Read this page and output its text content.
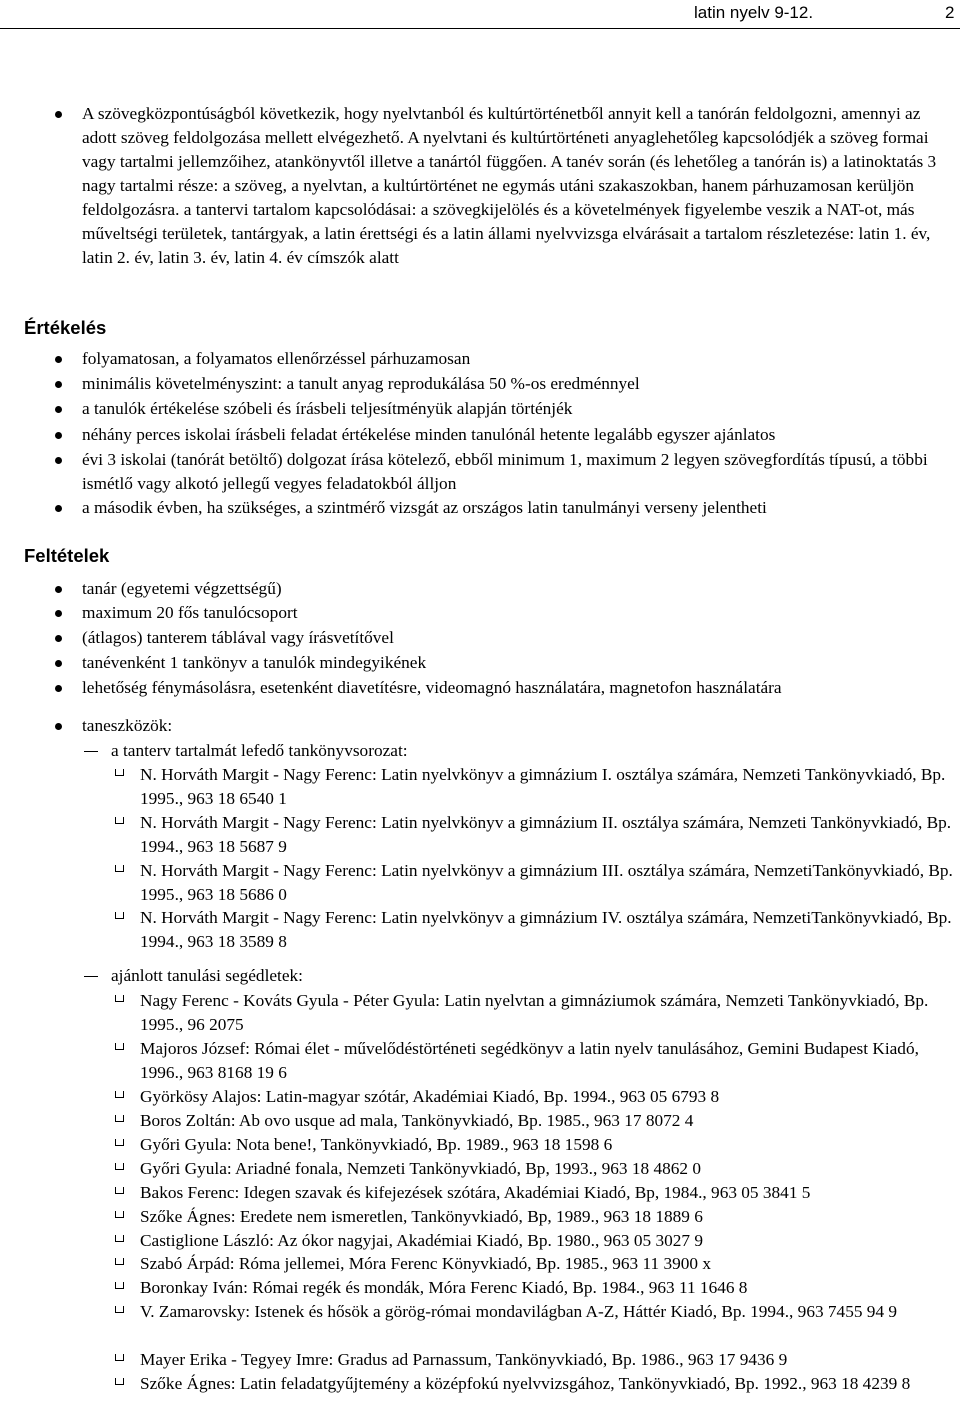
latin nyelv 9-12.	2

A szövegközpontúságból következik, hogy nyelvtanból és kultúrtörténetből annyit kell a tanórán feldolgozni, amennyi az adott szöveg feldolgozása mellett elvégezhető. A nyelvtani és kultúrtörténeti anyaglehetőleg kapcsolódjék a szöveg formai vagy tartalmi jellemzőihez, atankönyvtől illetve a tanártól függően. A tanév során (és lehetőleg a tanórán is) a latinoktatás 3 nagy tartalmi része: a szöveg, a nyelvtan, a kultúrtörténet ne egymás utáni szakaszokban, hanem párhuzamosan kerüljön feldolgozásra. a tantervi tartalom kapcsolódásai: a szövegkijelölés és a követelmények figyelembe veszik a NAT-ot, más műveltségi területek, tantárgyak, a latin érettségi és a latin állami nyelvvizsga elvárásait a tartalom részletezése: latin 1. év, latin 2. év, latin 3. év, latin 4. év címszók alatt

Értékelés

folyamatosan, a folyamatos ellenőrzéssel párhuzamosan

minimális követelményszint: a tanult anyag reprodukálása 50 %-os eredménnyel

a tanulók értékelése szóbeli és írásbeli teljesítményük alapján történjék

néhány perces iskolai írásbeli feladat értékelése minden tanulónál hetente legalább egyszer ajánlatos

évi 3 iskolai (tanórát betöltő) dolgozat írása kötelező, ebből minimum 1, maximum 2 legyen szövegfordítás típusú, a többi ismétlő vagy alkotó jellegű vegyes feladatokból álljon

a második évben, ha szükséges, a szintmérő vizsgát az országos latin tanulmányi verseny jelentheti

Feltételek

tanár (egyetemi végzettségű)

maximum 20 fős tanulócsoport

(átlagos) tanterem táblával vagy írásvetítővel

tanévenként 1 tankönyv a tanulók mindegyikének

lehetőség fénymásolásra, esetenként diavetítésre, videomagnó használatára, magnetofon használatára

taneszközök:

a tanterv tartalmát lefedő tankönyvsorozat:

N. Horváth Margit - Nagy Ferenc: Latin nyelvkönyv a gimnázium I. osztálya számára, Nemzeti Tankönyvkiadó, Bp. 1995., 963 18 6540 1

N. Horváth Margit - Nagy Ferenc: Latin nyelvkönyv a gimnázium II. osztálya számára, Nemzeti Tankönyvkiadó, Bp. 1994., 963 18 5687 9

N. Horváth Margit - Nagy Ferenc: Latin nyelvkönyv a gimnázium III. osztálya számára, NemzetiTankönyvkiadó, Bp. 1995., 963 18 5686 0

N. Horváth Margit - Nagy Ferenc: Latin nyelvkönyv a gimnázium IV. osztálya számára, NemzetiTankönyvkiadó, Bp. 1994., 963 18 3589 8

ajánlott tanulási segédletek:

Nagy Ferenc - Kováts Gyula - Péter Gyula: Latin nyelvtan a gimnáziumok számára, Nemzeti Tankönyvkiadó, Bp. 1995., 96 2075

Majoros József: Római élet - művelődéstörténeti segédkönyv a latin nyelv tanulásához, Gemini Budapest Kiadó, 1996., 963 8168 19 6

Györkösy Alajos: Latin-magyar szótár, Akadémiai Kiadó, Bp. 1994., 963 05 6793 8

Boros Zoltán: Ab ovo usque ad mala, Tankönyvkiadó, Bp. 1985., 963 17 8072 4

Győri Gyula: Nota bene!, Tankönyvkiadó, Bp. 1989., 963 18 1598 6

Győri Gyula: Ariadné fonala, Nemzeti Tankönyvkiadó, Bp, 1993., 963 18 4862 0

Bakos Ferenc: Idegen szavak és kifejezések szótára, Akadémiai Kiadó, Bp, 1984., 963 05 3841 5

Szőke Ágnes: Eredete nem ismeretlen, Tankönyvkiadó, Bp, 1989., 963 18 1889 6

Castiglione László: Az ókor nagyjai, Akadémiai Kiadó, Bp. 1980., 963 05 3027 9

Szabó Árpád: Róma jellemei, Móra Ferenc Könyvkiadó, Bp. 1985., 963 11 3900 x

Boronkay Iván: Római regék és mondák, Móra Ferenc Kiadó, Bp. 1984., 963 11 1646 8

V. Zamarovsky: Istenek és hősök a görög-római mondavilágban A-Z, Háttér Kiadó, Bp. 1994., 963 7455 94 9

Mayer Erika - Tegyey Imre: Gradus ad Parnassum, Tankönyvkiadó, Bp. 1986., 963 17 9436 9

Szőke Ágnes: Latin feladatgyűjtemény a középfokú nyelvvizsgához, Tankönyvkiadó, Bp. 1992., 963 18 4239 8
